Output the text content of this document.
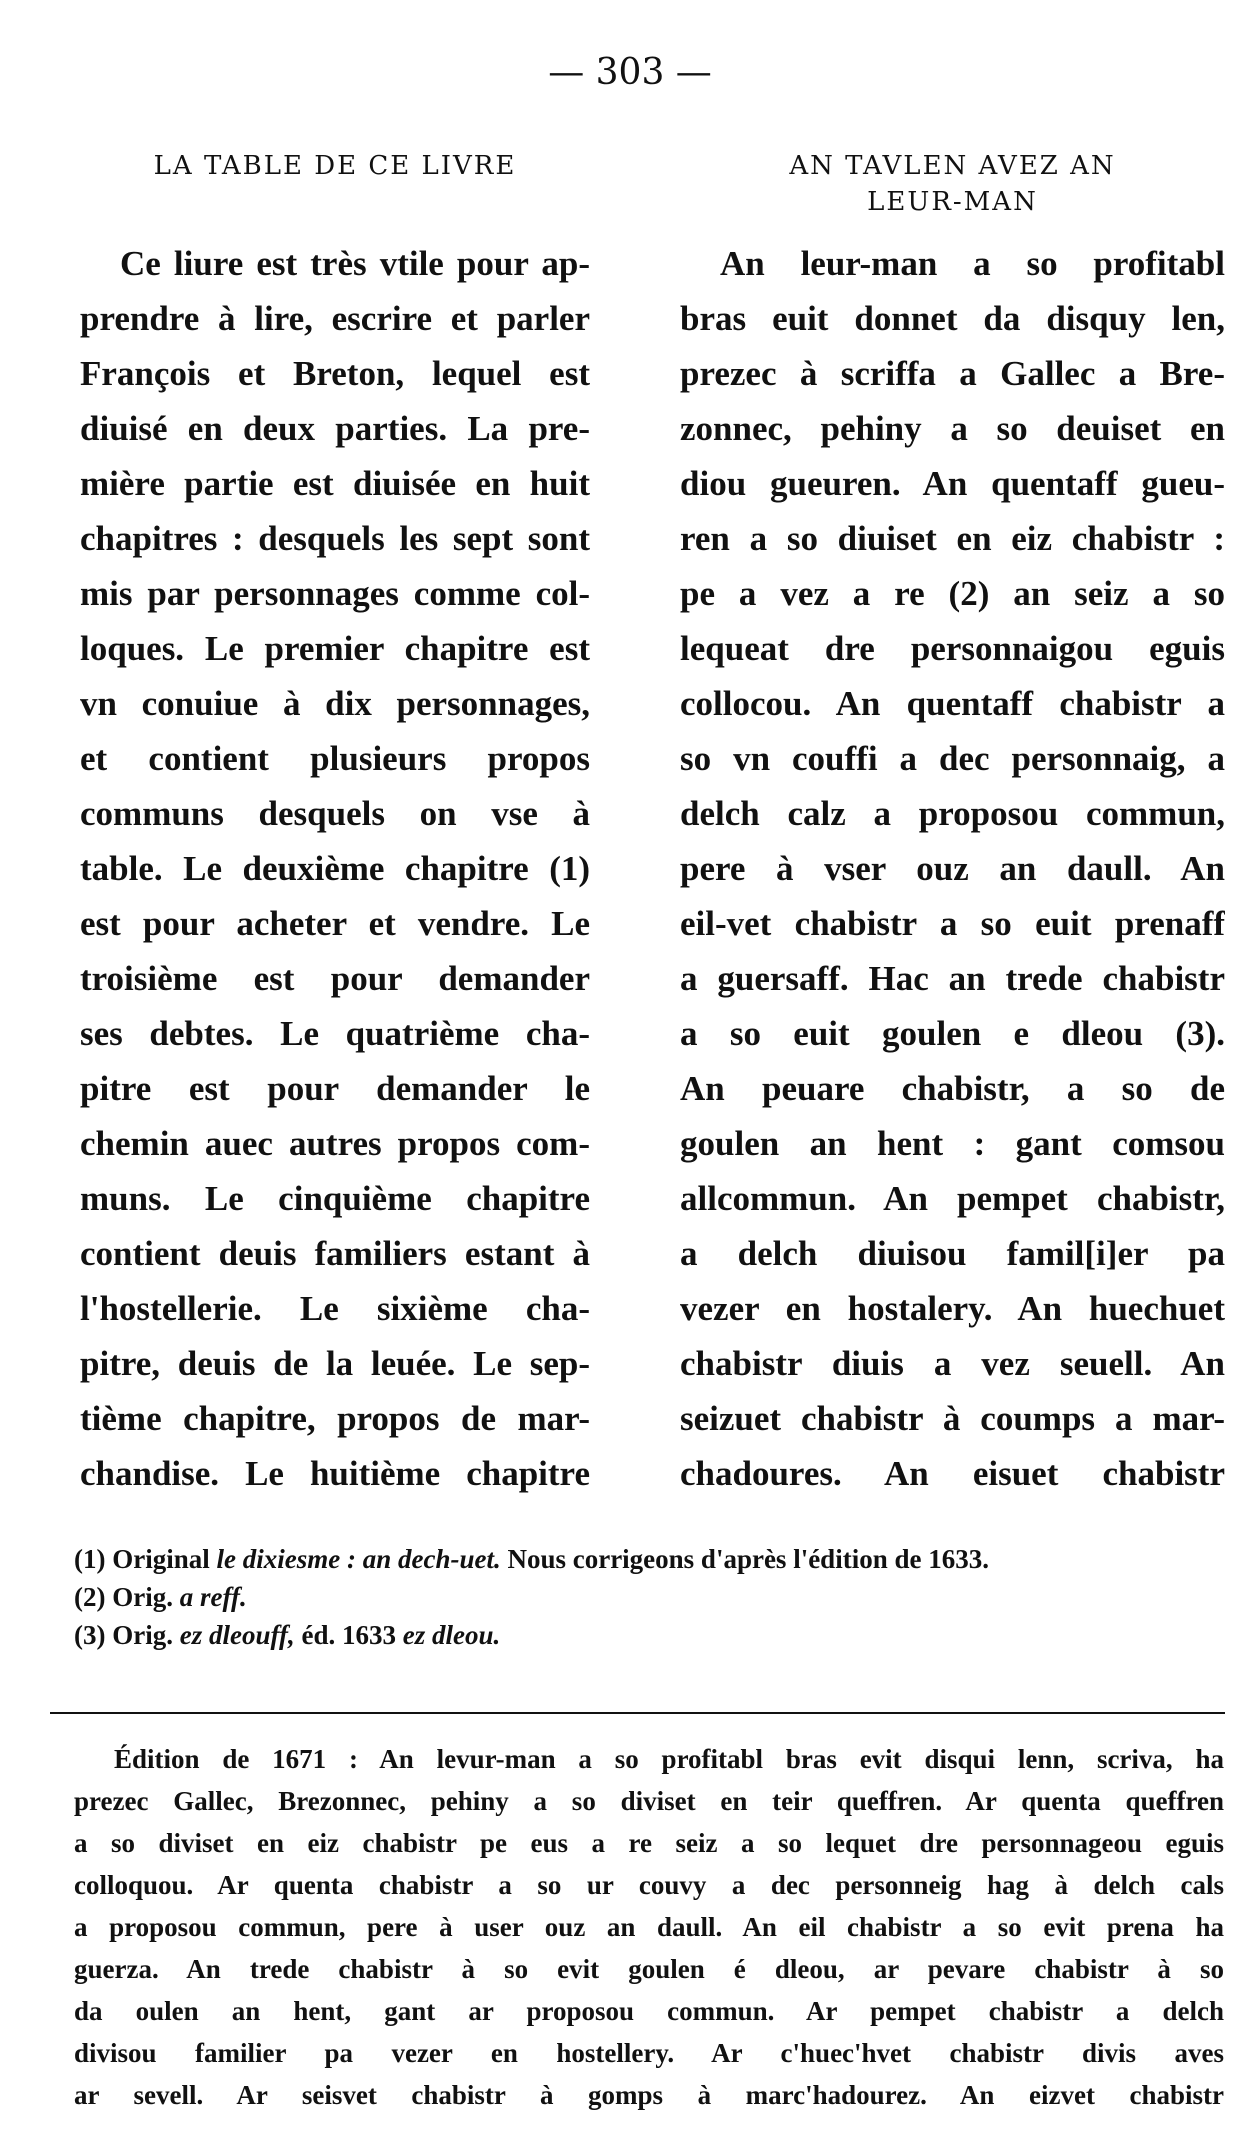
— 303 —
LA TABLE DE CE LIVRE	AN TAVLEN AVEZ AN
LEUR-MAN
Ce liure est très vtile pour ap-
prendre à lire, escrire et parler
François et Breton, lequel est
diuisé en deux parties. La pre-
mière partie est diuisée en huit
chapitres : desquels les sept sont
mis par personnages comme col-
loques. Le premier chapitre est
vn conuiue à dix personnages,
et contient plusieurs propos
communs desquels on vse à
table. Le deuxième chapitre (1)
est pour acheter et vendre. Le
troisième est pour demander
ses debtes. Le quatrième cha-
pitre est pour demander le
chemin auec autres propos com-
muns. Le cinquième chapitre
contient deuis familiers estant à
l'hostellerie. Le sixième cha-
pitre, deuis de la leuée. Le sep-
tième chapitre, propos de mar-
chandise. Le huitième chapitre
An leur-man a so profitabl
bras euit donnet da disquy len,
prezec à scriffa a Gallec a Bre-
zonnec, pehiny a so deuiset en
diou gueuren. An quentaff gueu-
ren a so diuiset en eiz chabistr :
pe a vez a re (2) an seiz a so
lequeat dre personnaigou eguis
collocou. An quentaff chabistr a
so vn couffi a dec personnaig, a
delch calz a proposou commun,
pere à vser ouz an daull. An
eil-vet chabistr a so euit prenaff
a guersaff. Hac an trede chabistr
a so euit goulen e dleou (3).
An peuare chabistr, a so de
goulen an hent : gant comsou
allcommun. An pempet chabistr,
a delch diuisou famil[i]er pa
vezer en hostalery. An huechuet
chabistr diuis a vez seuell. An
seizuet chabistr à coumps a mar-
chadoures. An eisuet chabistr
(1) Original le dixiesme : an dech-uet. Nous corrigeons d'après l'édition de 1633.
(2) Orig. a reff.
(3) Orig. ez dleouff, éd. 1633 ez dleou.
Édition de 1671 : An levur-man a so profitabl bras evit disqui lenn, scriva, ha
prezec Gallec, Brezonnec, pehiny a so diviset en teir queffren. Ar quenta queffren
a so diviset en eiz chabistr pe eus a re seiz a so lequet dre personnageou eguis
colloquou. Ar quenta chabistr a so ur couvy a dec personneig hag à delch cals
a proposou commun, pere à user ouz an daull. An eil chabistr a so evit prena ha
guerza. An trede chabistr à so evit goulen é dleou, ar pevare chabistr à so
da oulen an hent, gant ar proposou commun. Ar pempet chabistr a delch
divisou familier pa vezer en hostellery. Ar c'huec'hvet chabistr divis aves
ar sevell. Ar seisvet chabistr à gomps à marc'hadourez. An eizvet chabistr
